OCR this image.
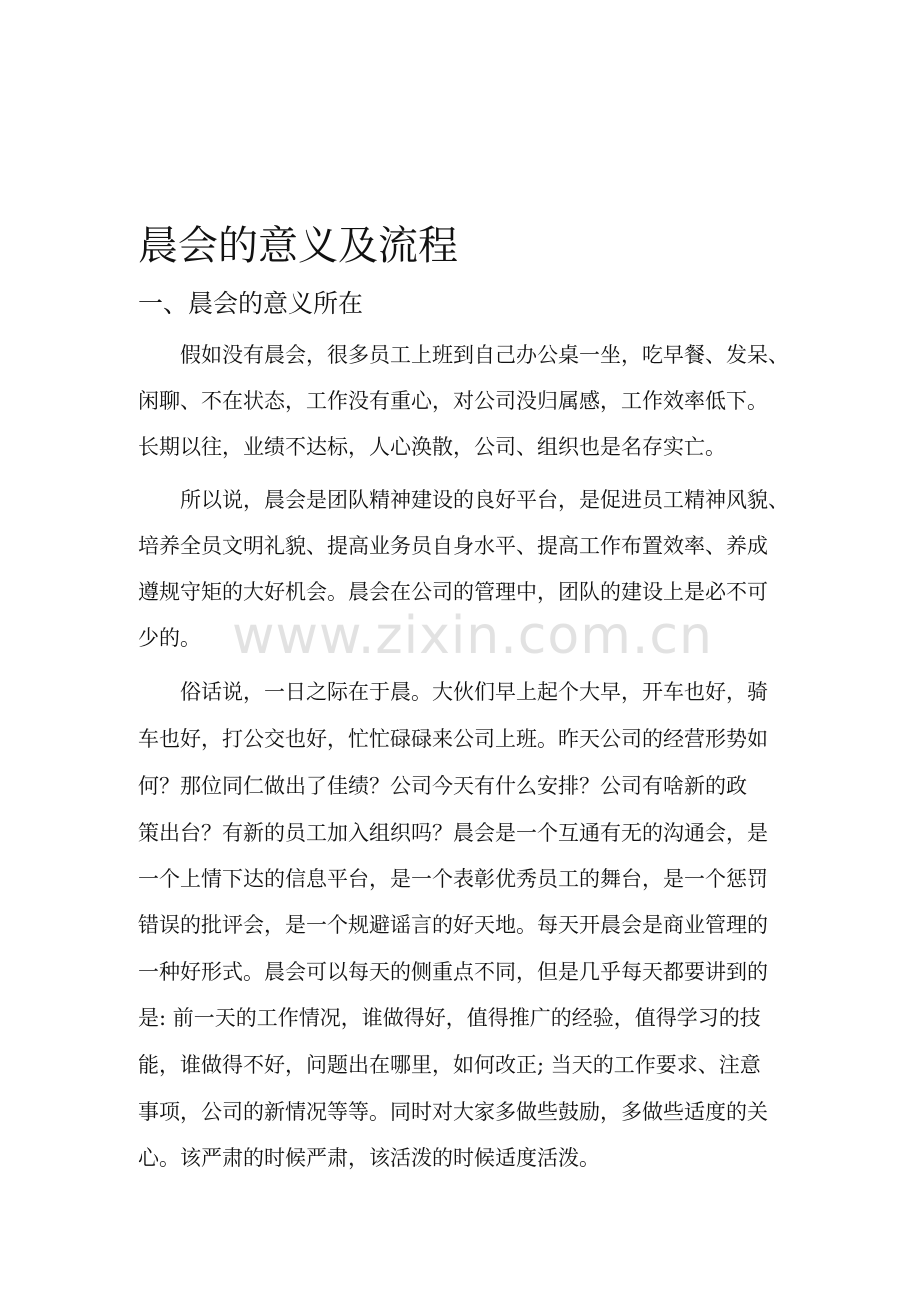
晨会的意义及流程
一、晨会的意义所在

假如没有晨会，很多员工上班到自己办公桌一坐，吃早餐、发呆、

闲聊、不在状态，工作没有重心，对公司没归属感，工作效率低下。

长期以往，业绩不达标，人心涣散，公司、组织也是名存实亡。

所以说，晨会是团队精神建设的良好平台，是促进员工精神风貌、

培养全员文明礼貌、提高业务员自身水平、提高工作布置效率、养成

遵规守矩的大好机会。晨会在公司的管理中，团队的建设上是必不可

少的。

俗话说，一日之际在于晨。大伙们早上起个大早，开车也好，骑

车也好，打公交也好，忙忙碌碌来公司上班。昨天公司的经营形势如

何？那位同仁做出了佳绩？公司今天有什么安排？公司有啥新的政

策出台？有新的员工加入组织吗？晨会是一个互通有无的沟通会，是

一个上情下达的信息平台，是一个表彰优秀员工的舞台，是一个惩罚

错误的批评会，是一个规避谣言的好天地。每天开晨会是商业管理的

一种好形式。晨会可以每天的侧重点不同，但是几乎每天都要讲到的

是: 前一天的工作情况，谁做得好，值得推广的经验，值得学习的技

能，谁做得不好，问题出在哪里，如何改正; 当天的工作要求、注意

事项，公司的新情况等等。同时对大家多做些鼓励，多做些适度的关

心。该严肃的时候严肃，该活泼的时候适度活泼。

www.zixin.com.cn
